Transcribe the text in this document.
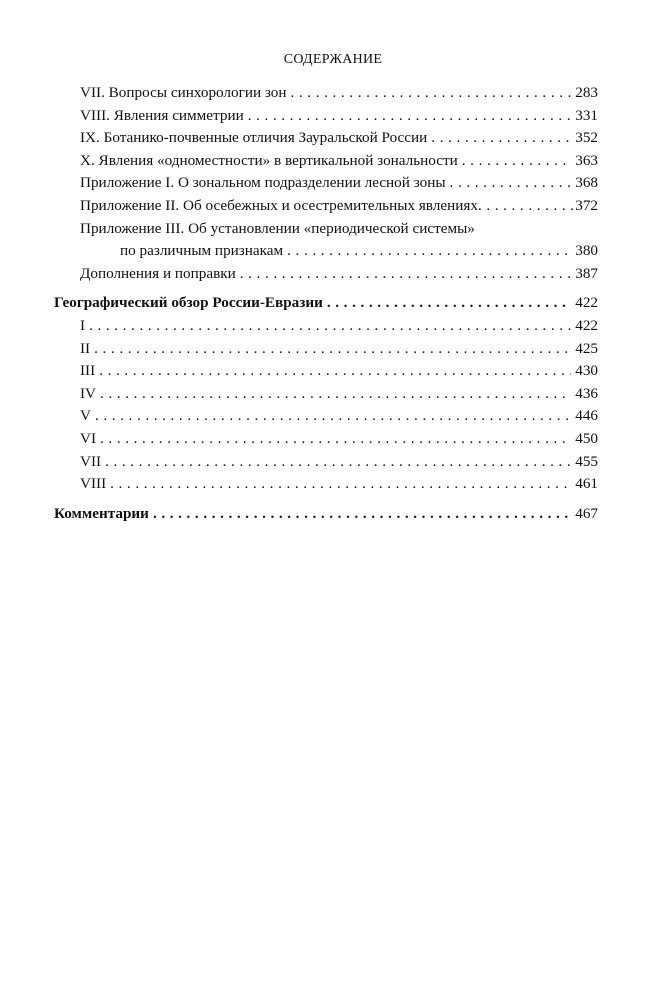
СОДЕРЖАНИЕ
VII. Вопросы синхорологии зон .....	283
VIII. Явления симметрии .....	331
IX. Ботанико-почвенные отличия Зауральской России .....	352
X. Явления «одноместности» в вертикальной зональности .....	363
Приложение I. О зональном подразделении лесной зоны .....	368
Приложение II. Об осебежных и осестремительных явлениях .....	372
Приложение III. Об установлении «периодической системы»
по различным признакам .....	380
Дополнения и поправки .....	387
Географический обзор России-Евразии .....	422
I .....	422
II .....	425
III .....	430
IV .....	436
V .....	446
VI .....	450
VII .....	455
VIII .....	461
Комментарии .....	467
